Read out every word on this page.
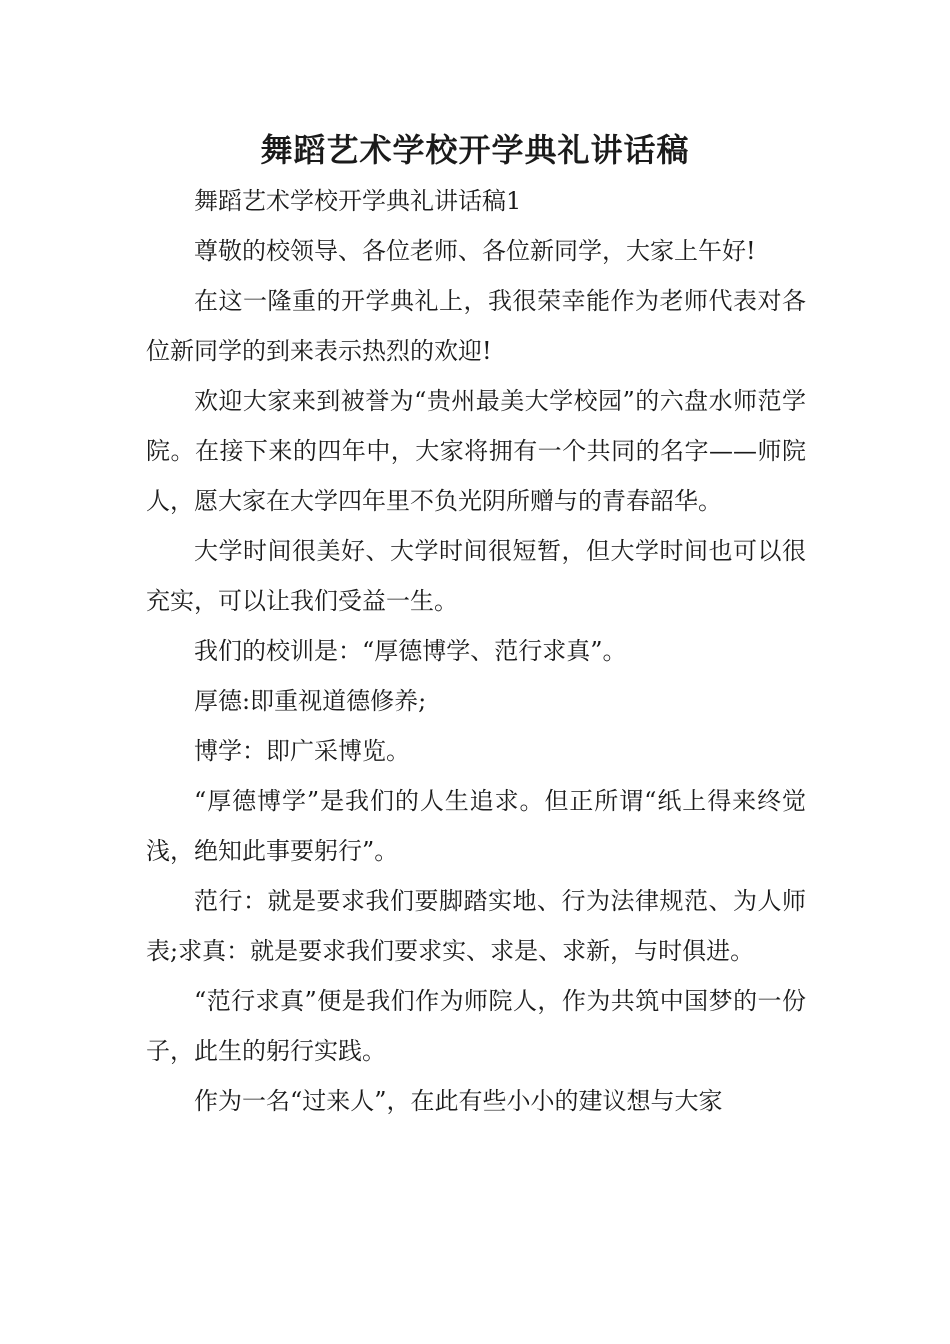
舞蹈艺术学校开学典礼讲话稿

舞蹈艺术学校开学典礼讲话稿1

尊敬的校领导、各位老师、各位新同学，大家上午好!

在这一隆重的开学典礼上，我很荣幸能作为老师代表对各位新同学的到来表示热烈的欢迎!

欢迎大家来到被誉为“贵州最美大学校园”的六盘水师范学院。在接下来的四年中，大家将拥有一个共同的名字——师院人，愿大家在大学四年里不负光阴所赠与的青春韶华。

大学时间很美好、大学时间很短暂，但大学时间也可以很充实，可以让我们受益一生。

我们的校训是：“厚德博学、范行求真”。

厚德:即重视道德修养;

博学：即广采博览。

“厚德博学”是我们的人生追求。但正所谓“纸上得来终觉浅，绝知此事要躬行”。

范行：就是要求我们要脚踏实地、行为法律规范、为人师表;求真：就是要求我们要求实、求是、求新，与时俱进。

“范行求真”便是我们作为师院人，作为共筑中国梦的一份子，此生的躬行实践。

作为一名“过来人”，在此有些小小的建议想与大家
